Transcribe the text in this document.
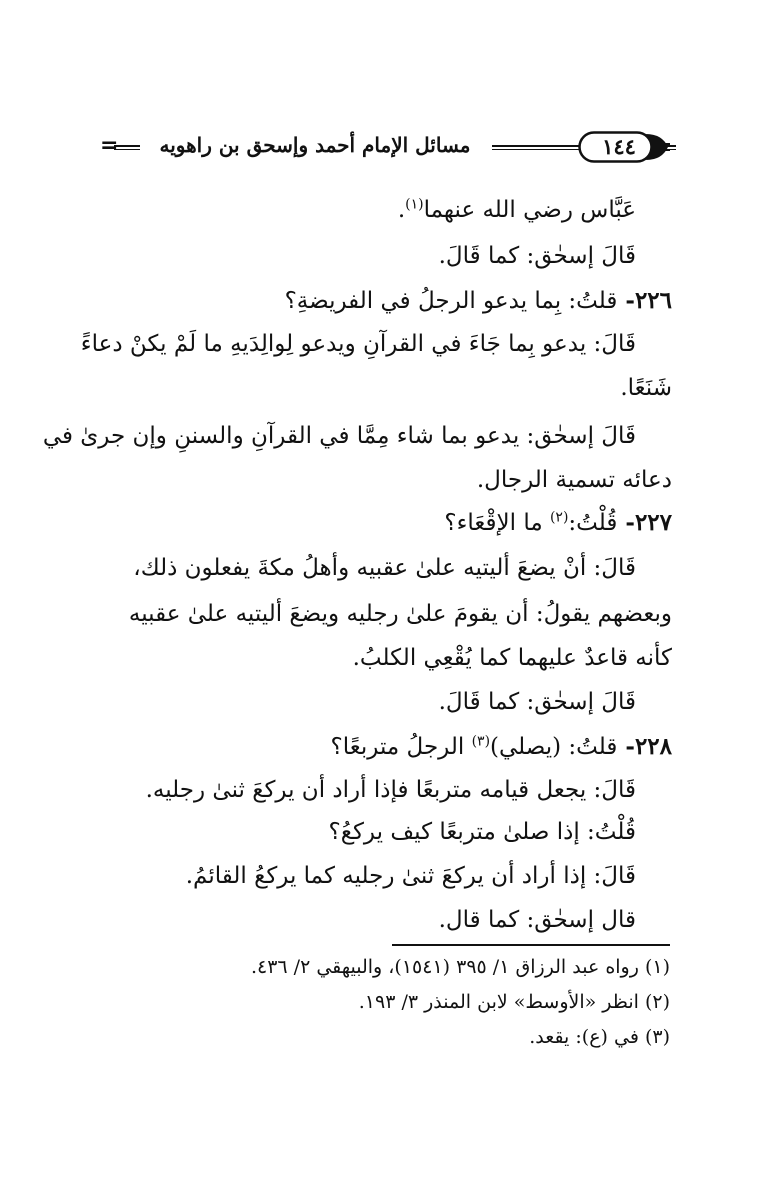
=	مسائل الإمام أحمد وإسحق بن راهويه	١٤٤
عَبَّاس رضي الله عنهما$^{(١)}$.
قَالَ إسحٰق: كما قَالَ.
٢٢٦- قلتُ: بِما يدعو الرجلُ في الفريضةِ؟
قَالَ: يدعو بِما جَاءَ في القرآنِ ويدعو لِوالِدَيهِ ما لَمْ يكنْ دعاءً
شَنَعًا.
قَالَ إسحٰق: يدعو بما شاء مِمَّا في القرآنِ والسننِ وإن جرىٰ في
دعائه تسمية الرجال.
٢٢٧- قُلْتُ:$^{(٢)}$ ما الإقْعَاء؟
قَالَ: أنْ يضعَ أليتيه علىٰ عقبيه وأهلُ مكةَ يفعلون ذلك،
وبعضهم يقولُ: أن يقومَ علىٰ رجليه ويضعَ أليتيه علىٰ عقبيه
كأنه قاعدٌ عليهما كما يُقْعِي الكلبُ.
قَالَ إسحٰق: كما قَالَ.
٢٢٨- قلتُ: (يصلي)$^{(٣)}$ الرجلُ متربعًا؟
قَالَ: يجعل قيامه متربعًا فإذا أراد أن يركعَ ثنىٰ رجليه.
قُلْتُ: إذا صلىٰ متربعًا كيف يركعُ؟
قَالَ: إذا أراد أن يركعَ ثنىٰ رجليه كما يركعُ القائمُ.
قال إسحٰق: كما قال.
(١) رواه عبد الرزاق ١/ ٣٩٥ (١٥٤١)، والبيهقي ٢/ ٤٣٦.
(٢) انظر «الأوسط» لابن المنذر ٣/ ١٩٣.
(٣) في (ع): يقعد.
